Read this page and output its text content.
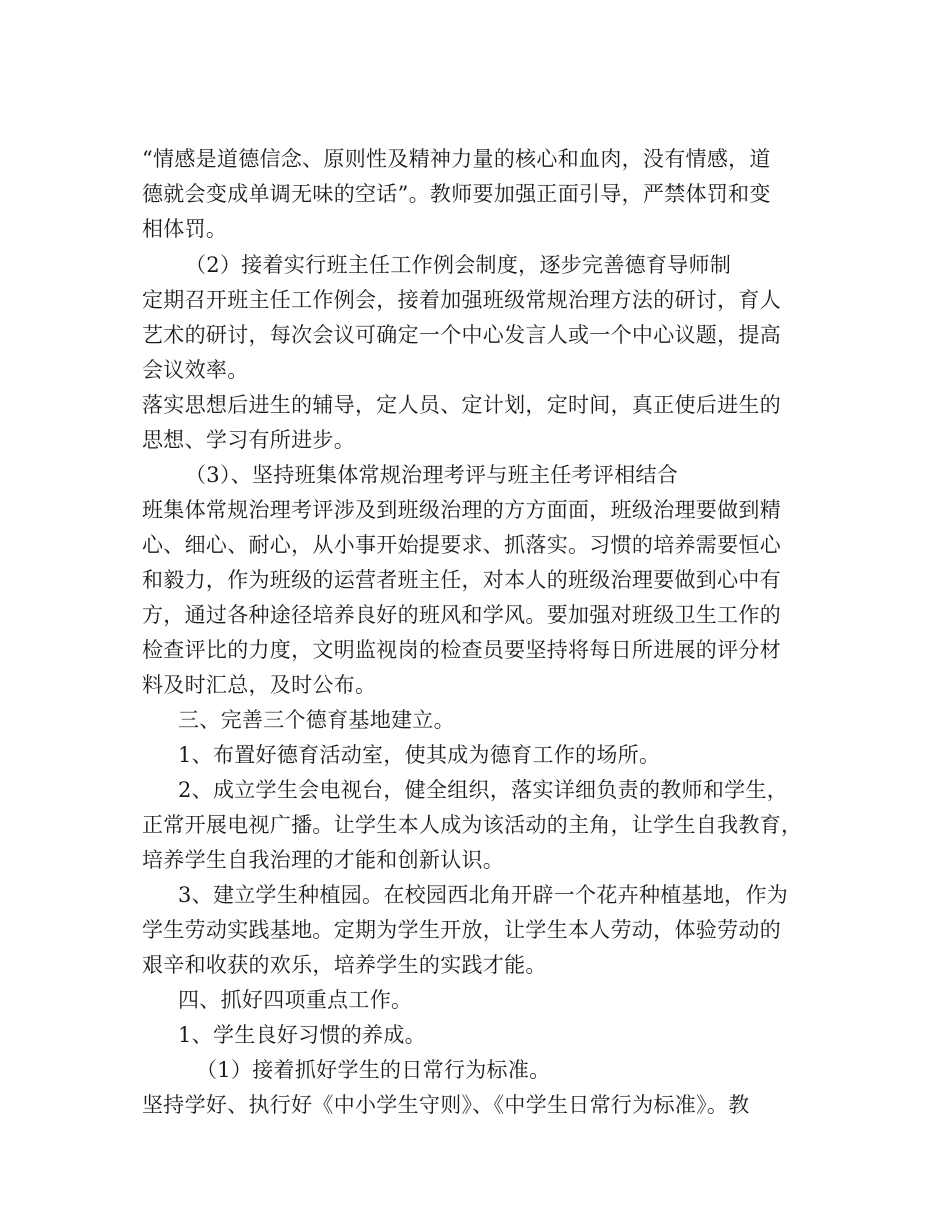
“情感是道德信念、原则性及精神力量的核心和血肉，没有情感，道
德就会变成单调无味的空话”。教师要加强正面引导，严禁体罚和变
相体罚。
（2）接着实行班主任工作例会制度，逐步完善德育导师制
定期召开班主任工作例会，接着加强班级常规治理方法的研讨，育人
艺术的研讨，每次会议可确定一个中心发言人或一个中心议题，提高
会议效率。
落实思想后进生的辅导，定人员、定计划，定时间，真正使后进生的
思想、学习有所进步。
（3）、坚持班集体常规治理考评与班主任考评相结合
班集体常规治理考评涉及到班级治理的方方面面，班级治理要做到精
心、细心、耐心，从小事开始提要求、抓落实。习惯的培养需要恒心
和毅力，作为班级的运营者班主任，对本人的班级治理要做到心中有
方，通过各种途径培养良好的班风和学风。要加强对班级卫生工作的
检查评比的力度，文明监视岗的检查员要坚持将每日所进展的评分材
料及时汇总，及时公布。
三、完善三个德育基地建立。
1、布置好德育活动室，使其成为德育工作的场所。
2、成立学生会电视台，健全组织，落实详细负责的教师和学生，
正常开展电视广播。让学生本人成为该活动的主角，让学生自我教育，
培养学生自我治理的才能和创新认识。
3、建立学生种植园。在校园西北角开辟一个花卉种植基地，作为
学生劳动实践基地。定期为学生开放，让学生本人劳动，体验劳动的
艰辛和收获的欢乐，培养学生的实践才能。
四、抓好四项重点工作。
1、学生良好习惯的养成。
（1）接着抓好学生的日常行为标准。
坚持学好、执行好《中小学生守则》、《中学生日常行为标准》。教
